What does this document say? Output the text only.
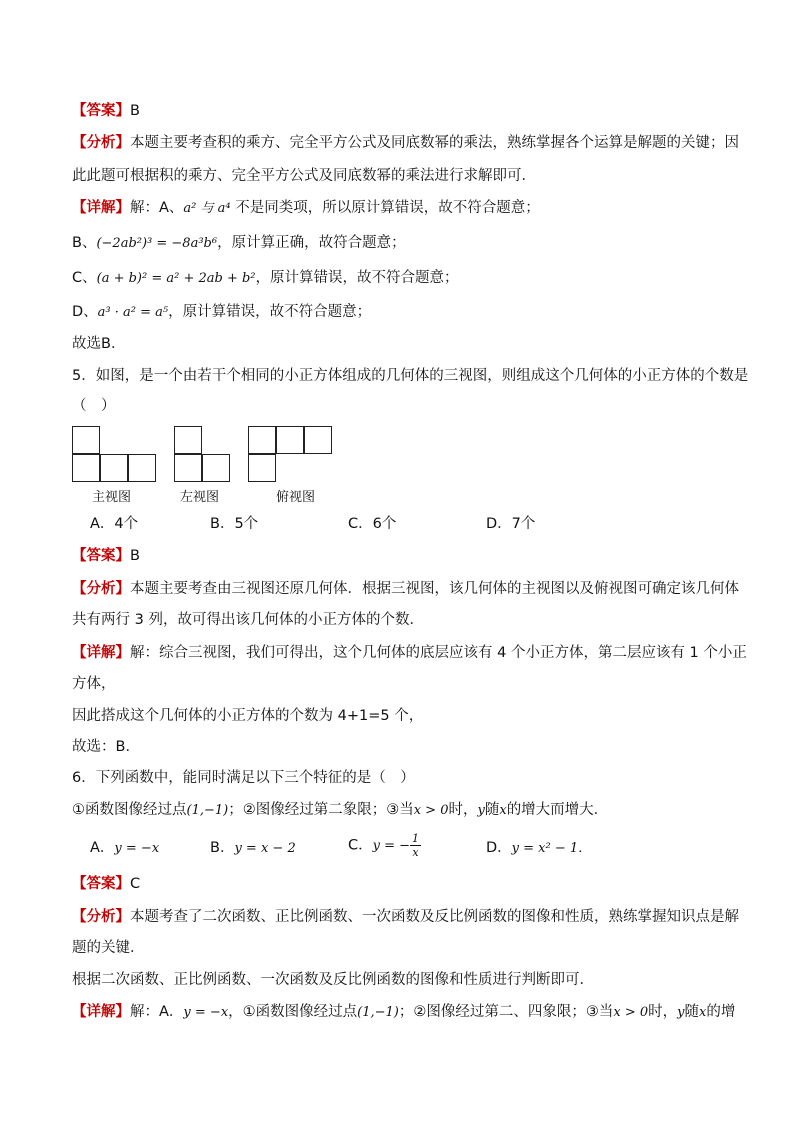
【答案】B
【分析】本题主要考查积的乘方、完全平方公式及同底数幂的乘法，熟练掌握各个运算是解题的关键；因
此此题可根据积的乘方、完全平方公式及同底数幂的乘法进行求解即可．
【详解】解：A、a² 与 a⁴ 不是同类项，所以原计算错误，故不符合题意；
B、(−2ab²)³ = −8a³b⁶，原计算正确，故符合题意；
C、(a + b)² = a² + 2ab + b²，原计算错误，故不符合题意；
D、a³ · a² = a⁵，原计算错误，故不符合题意；
故选B．
5．如图，是一个由若干个相同的小正方体组成的几何体的三视图，则组成这个几何体的小正方体的个数是
（　）
主视图	左视图	俯视图
A．4个	B．5个	C．6个	D．7个
【答案】B
【分析】本题主要考查由三视图还原几何体．根据三视图，该几何体的主视图以及俯视图可确定该几何体
共有两行 3 列，故可得出该几何体的小正方体的个数．
【详解】解：综合三视图，我们可得出，这个几何体的底层应该有 4 个小正方体，第二层应该有 1 个小正
方体，
因此搭成这个几何体的小正方体的个数为 4+1=5 个，
故选：B．
6．下列函数中，能同时满足以下三个特征的是（　）
①函数图像经过点(1,−1)；②图像经过第二象限；③当x > 0时，y随x的增大而增大．
A．y = −x	B．y = x − 2	C．y = − $\frac{1}{x}$	D．y = x² − 1．
【答案】C
【分析】本题考查了二次函数、正比例函数、一次函数及反比例函数的图像和性质，熟练掌握知识点是解
题的关键．
根据二次函数、正比例函数、一次函数及反比例函数的图像和性质进行判断即可．
【详解】解：A．y = −x，①函数图像经过点(1,−1)；②图像经过第二、四象限；③当x > 0时，y随x的增
